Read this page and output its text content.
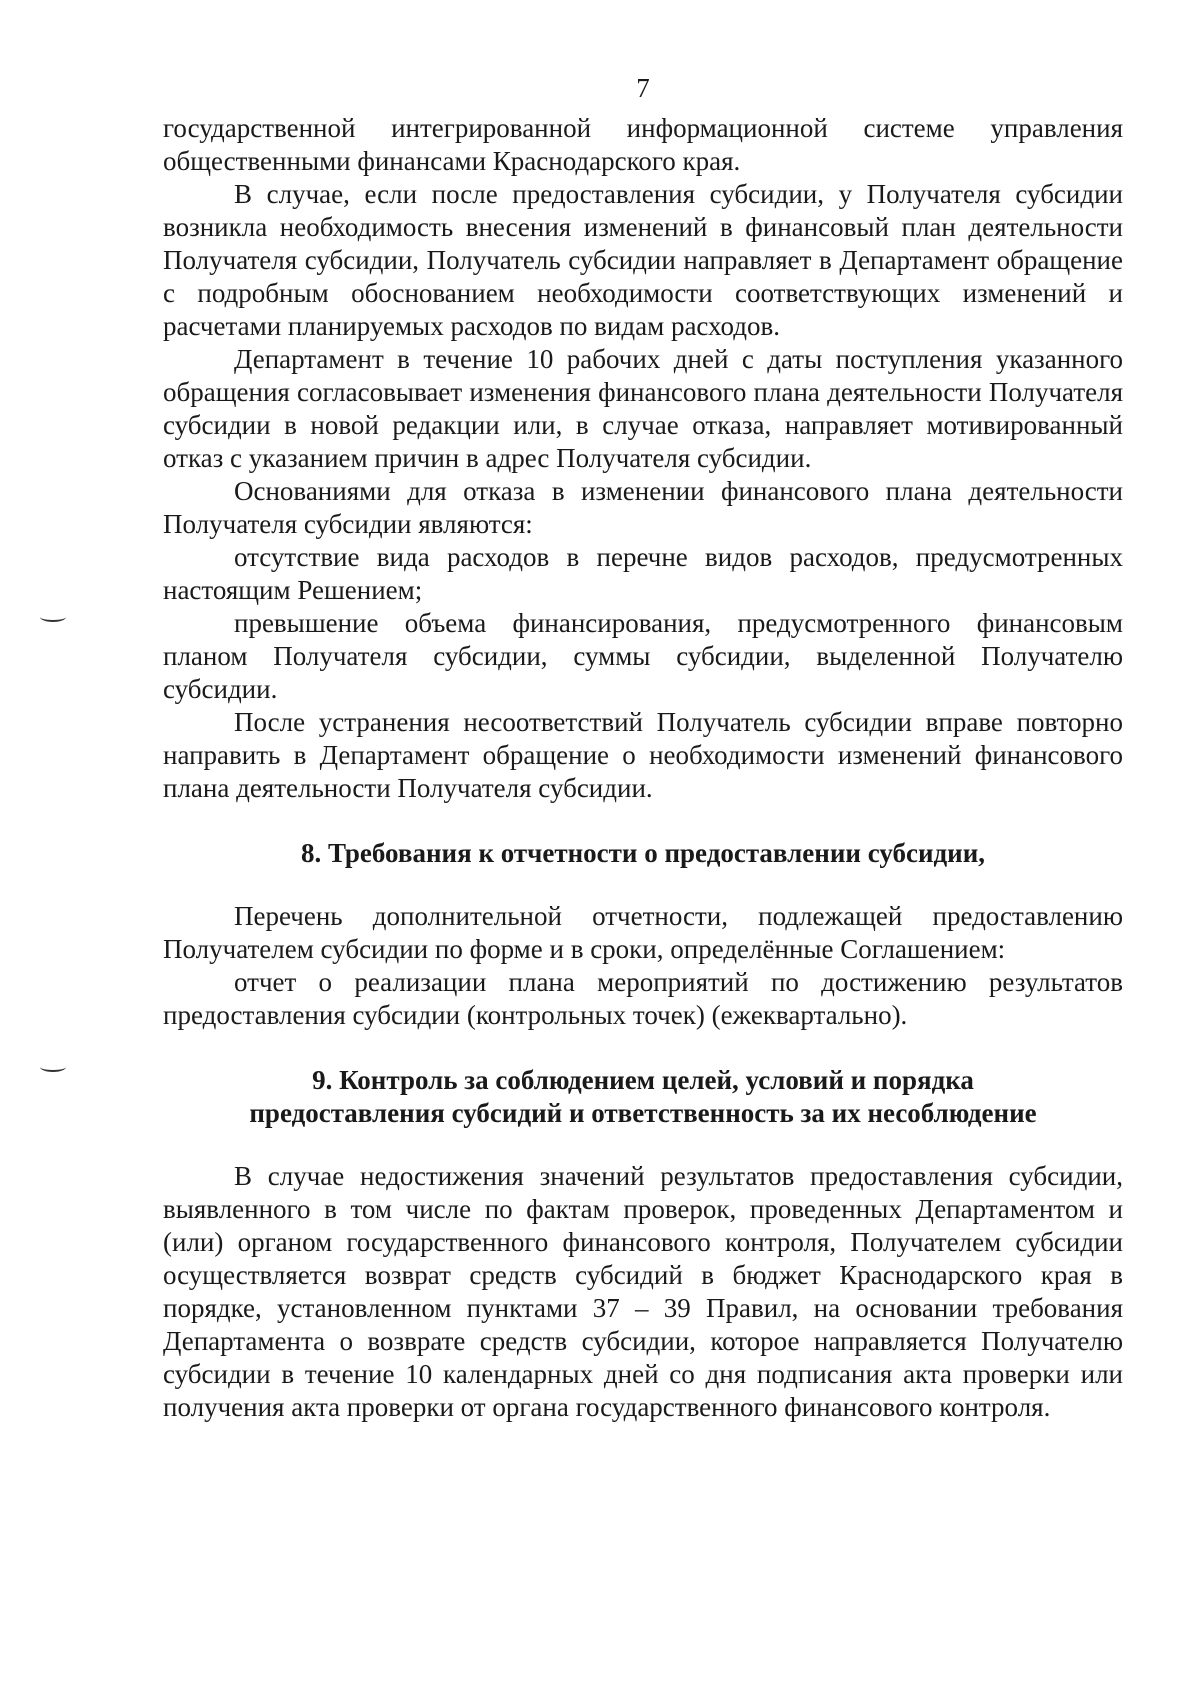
7

государственной интегрированной информационной системе управления общественными финансами Краснодарского края.

В случае, если после предоставления субсидии, у Получателя субсидии возникла необходимость внесения изменений в финансовый план деятельности Получателя субсидии, Получатель субсидии направляет в Департамент обращение с подробным обоснованием необходимости соответствующих изменений и расчетами планируемых расходов по видам расходов.

Департамент в течение 10 рабочих дней с даты поступления указанного обращения согласовывает изменения финансового плана деятельности Получателя субсидии в новой редакции или, в случае отказа, направляет мотивированный отказ с указанием причин в адрес Получателя субсидии.

Основаниями для отказа в изменении финансового плана деятельности Получателя субсидии являются:

отсутствие вида расходов в перечне видов расходов, предусмотренных настоящим Решением;

превышение объема финансирования, предусмотренного финансовым планом Получателя субсидии, суммы субсидии, выделенной Получателю субсидии.

После устранения несоответствий Получатель субсидии вправе повторно направить в Департамент обращение о необходимости изменений финансового плана деятельности Получателя субсидии.

8. Требования к отчетности о предоставлении субсидии,

Перечень дополнительной отчетности, подлежащей предоставлению Получателем субсидии по форме и в сроки, определённые Соглашением:

отчет о реализации плана мероприятий по достижению результатов предоставления субсидии (контрольных точек) (ежеквартально).

9. Контроль за соблюдением целей, условий и порядка
предоставления субсидий и ответственность за их несоблюдение

В случае недостижения значений результатов предоставления субсидии, выявленного в том числе по фактам проверок, проведенных Департаментом и (или) органом государственного финансового контроля, Получателем субсидии осуществляется возврат средств субсидий в бюджет Краснодарского края в порядке, установленном пунктами 37 – 39 Правил, на основании требования Департамента о возврате средств субсидии, которое направляется Получателю субсидии в течение 10 календарных дней со дня подписания акта проверки или получения акта проверки от органа государственного финансового контроля.
